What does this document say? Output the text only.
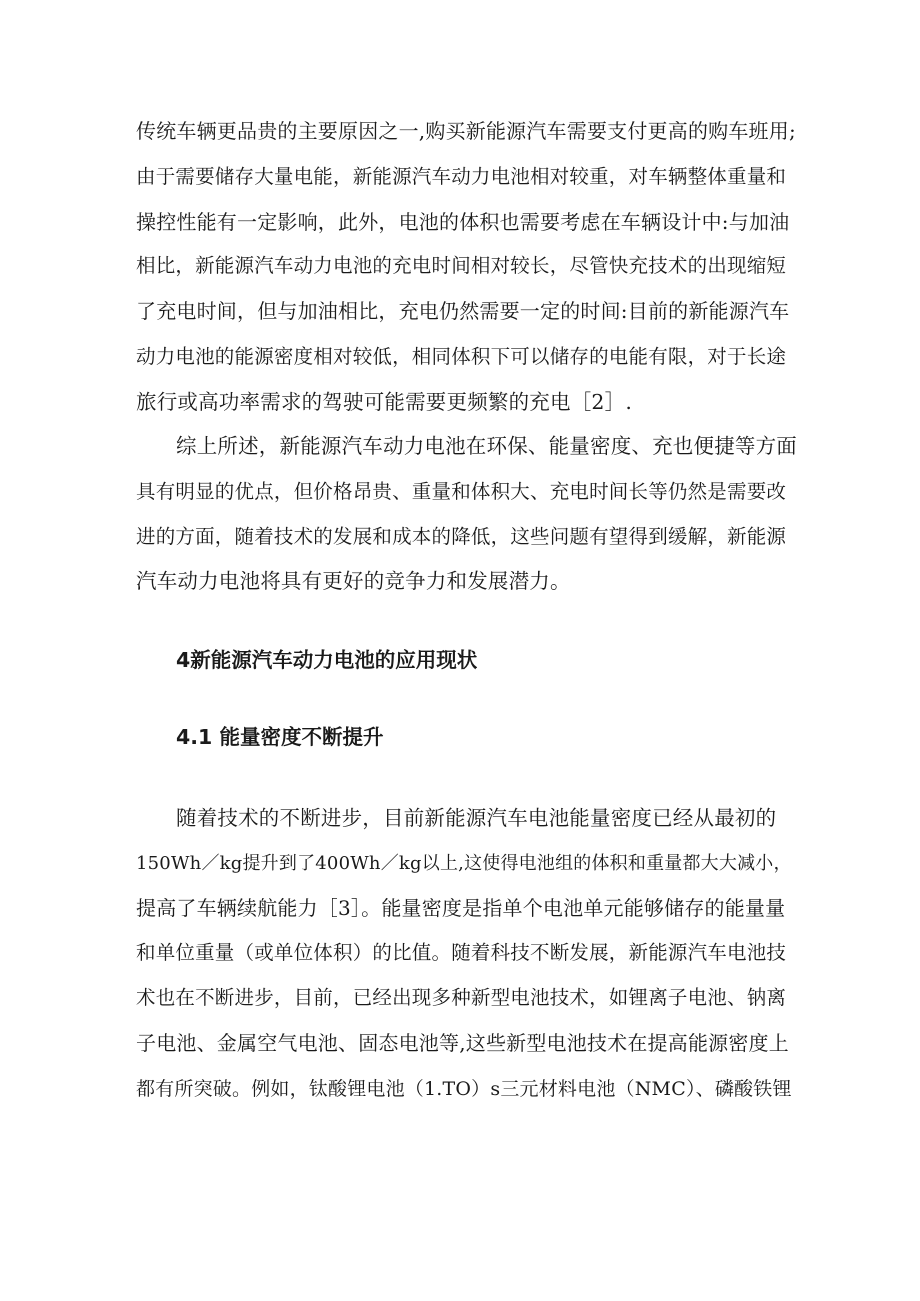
传统车辆更品贵的主要原因之一,购买新能源汽车需要支付更高的购车班用;
由于需要储存大量电能，新能源汽车动力电池相对较重，对车辆整体重量和
操控性能有一定影响，此外，电池的体积也需要考虑在车辆设计中:与加油
相比，新能源汽车动力电池的充电时间相对较长，尽管快充技术的出现缩短
了充电时间，但与加油相比，充电仍然需要一定的时间:目前的新能源汽车
动力电池的能源密度相对较低，相同体积下可以储存的电能有限，对于长途
旅行或高功率需求的驾驶可能需要更频繁的充电［2］.
综上所述，新能源汽车动力电池在环保、能量密度、充也便捷等方面
具有明显的优点，但价格昂贵、重量和体积大、充电时间长等仍然是需要改
进的方面，随着技术的发展和成本的降低，这些问题有望得到缓解，新能源
汽车动力电池将具有更好的竞争力和发展潜力。
4新能源汽车动力电池的应用现状
4.1 能量密度不断提升
随着技术的不断进步，目前新能源汽车电池能量密度已经从最初的
150Wh／kg提升到了400Wh／kg以上,这使得电池组的体积和重量都大大减小，
提高了车辆续航能力［3］。能量密度是指单个电池单元能够储存的能量量
和单位重量（或单位体积）的比值。随着科技不断发展，新能源汽车电池技
术也在不断进步，目前，已经出现多种新型电池技术，如锂离子电池、钠离
子电池、金属空气电池、固态电池等,这些新型电池技术在提高能源密度上
都有所突破。例如，钛酸锂电池（1.TO）s三元材料电池（NMC）、磷酸铁锂
